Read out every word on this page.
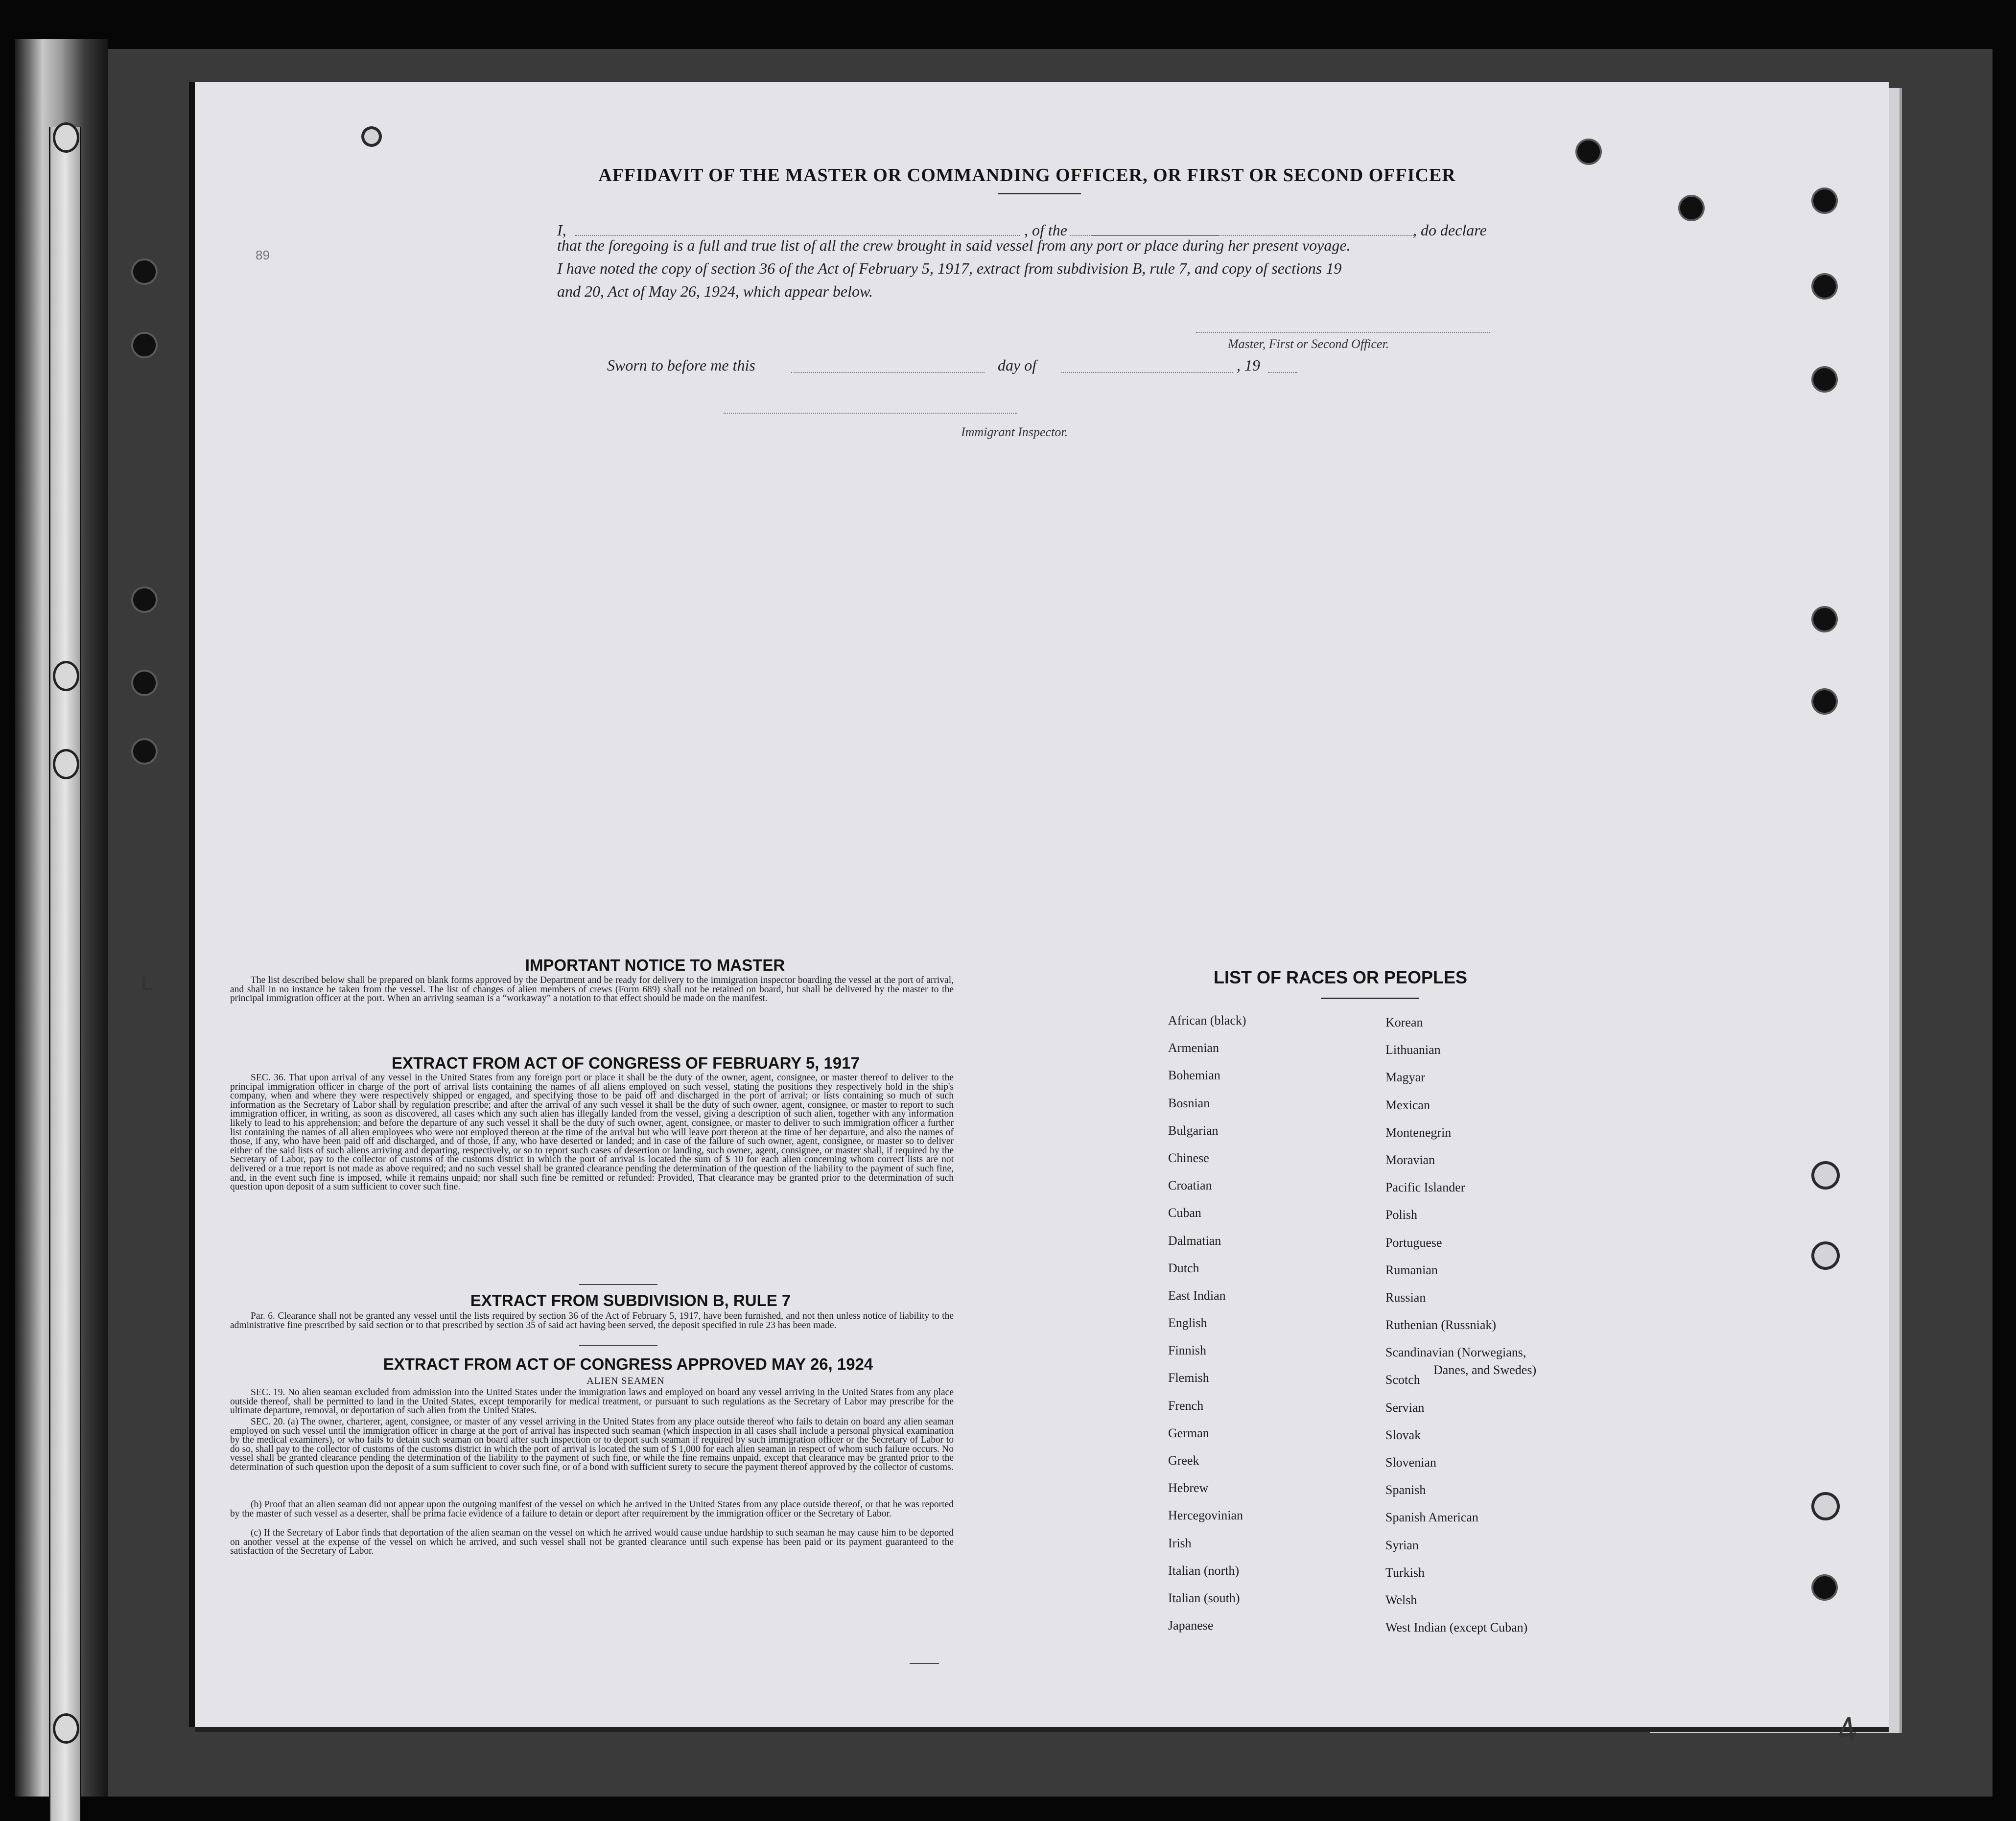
89
L
4
AFFIDAVIT OF THE MASTER OR COMMANDING OFFICER, OR FIRST OR SECOND OFFICER
I,	, of the	, do declare
that the foregoing is a full and true list of all the crew brought in said vessel from any port or place during her present voyage.
I have noted the copy of section 36 of the Act of February 5, 1917, extract from subdivision B, rule 7, and copy of sections 19
and 20, Act of May 26, 1924, which appear below.
Master, First or Second Officer.
Sworn to before me this	day of	, 19
Immigrant Inspector.
IMPORTANT NOTICE TO MASTER
The list described below shall be prepared on blank forms approved by the Department and be ready for delivery to the immigration inspector boarding the vessel at the port of arrival, and shall in no instance be taken from the vessel. The list of changes of alien members of crews (Form 689) shall not be retained on board, but shall be delivered by the master to the principal immigration officer at the port. When an arriving seaman is a “workaway” a notation to that effect should be made on the manifest.
EXTRACT FROM ACT OF CONGRESS OF FEBRUARY 5, 1917
SEC. 36. That upon arrival of any vessel in the United States from any foreign port or place it shall be the duty of the owner, agent, consignee, or master thereof to deliver to the principal immigration officer in charge of the port of arrival lists containing the names of all aliens employed on such vessel, stating the positions they respectively hold in the ship's company, when and where they were respectively shipped or engaged, and specifying those to be paid off and discharged in the port of arrival; or lists containing so much of such information as the Secretary of Labor shall by regulation prescribe; and after the arrival of any such vessel it shall be the duty of such owner, agent, consignee, or master to report to such immigration officer, in writing, as soon as discovered, all cases which any such alien has illegally landed from the vessel, giving a description of such alien, together with any information likely to lead to his apprehension; and before the departure of any such vessel it shall be the duty of such owner, agent, consignee, or master to deliver to such immigration officer a further list containing the names of all alien employees who were not employed thereon at the time of the arrival but who will leave port thereon at the time of her departure, and also the names of those, if any, who have been paid off and discharged, and of those, if any, who have deserted or landed; and in case of the failure of such owner, agent, consignee, or master so to deliver either of the said lists of such aliens arriving and departing, respectively, or so to report such cases of desertion or landing, such owner, agent, consignee, or master shall, if required by the Secretary of Labor, pay to the collector of customs of the customs district in which the port of arrival is located the sum of $ 10 for each alien concerning whom correct lists are not delivered or a true report is not made as above required; and no such vessel shall be granted clearance pending the determination of the question of the liability to the payment of such fine, and, in the event such fine is imposed, while it remains unpaid; nor shall such fine be remitted or refunded: Provided, That clearance may be granted prior to the determination of such question upon deposit of a sum sufficient to cover such fine.
EXTRACT FROM SUBDIVISION B, RULE 7
Par. 6. Clearance shall not be granted any vessel until the lists required by section 36 of the Act of February 5, 1917, have been furnished, and not then unless notice of liability to the administrative fine prescribed by said section or to that prescribed by section 35 of said act having been served, the deposit specified in rule 23 has been made.
EXTRACT FROM ACT OF CONGRESS APPROVED MAY 26, 1924
ALIEN SEAMEN
SEC. 19. No alien seaman excluded from admission into the United States under the immigration laws and employed on board any vessel arriving in the United States from any place outside thereof, shall be permitted to land in the United States, except temporarily for medical treatment, or pursuant to such regulations as the Secretary of Labor may prescribe for the ultimate departure, removal, or deportation of such alien from the United States.
SEC. 20. (a) The owner, charterer, agent, consignee, or master of any vessel arriving in the United States from any place outside thereof who fails to detain on board any alien seaman employed on such vessel until the immigration officer in charge at the port of arrival has inspected such seaman (which inspection in all cases shall include a personal physical examination by the medical examiners), or who fails to detain such seaman on board after such inspection or to deport such seaman if required by such immigration officer or the Secretary of Labor to do so, shall pay to the collector of customs of the customs district in which the port of arrival is located the sum of $ 1,000 for each alien seaman in respect of whom such failure occurs. No vessel shall be granted clearance pending the determination of the liability to the payment of such fine, or while the fine remains unpaid, except that clearance may be granted prior to the determination of such question upon the deposit of a sum sufficient to cover such fine, or of a bond with sufficient surety to secure the payment thereof approved by the collector of customs.
(b) Proof that an alien seaman did not appear upon the outgoing manifest of the vessel on which he arrived in the United States from any place outside thereof, or that he was reported by the master of such vessel as a deserter, shall be prima facie evidence of a failure to detain or deport after requirement by the immigration officer or the Secretary of Labor.
(c) If the Secretary of Labor finds that deportation of the alien seaman on the vessel on which he arrived would cause undue hardship to such seaman he may cause him to be deported on another vessel at the expense of the vessel on which he arrived, and such vessel shall not be granted clearance until such expense has been paid or its payment guaranteed to the satisfaction of the Secretary of Labor.
LIST OF RACES OR PEOPLES
African (black)
Armenian
Bohemian
Bosnian
Bulgarian
Chinese
Croatian
Cuban
Dalmatian
Dutch
East Indian
English
Finnish
Flemish
French
German
Greek
Hebrew
Hercegovinian
Irish
Italian (north)
Italian (south)
Japanese
Korean
Lithuanian
Magyar
Mexican
Montenegrin
Moravian
Pacific Islander
Polish
Portuguese
Rumanian
Russian
Ruthenian (Russniak)
Scandinavian (Norwegians,
Scotch
Servian
Slovak
Slovenian
Spanish
Spanish American
Syrian
Turkish
Welsh
West Indian (except Cuban)
Danes, and Swedes)
